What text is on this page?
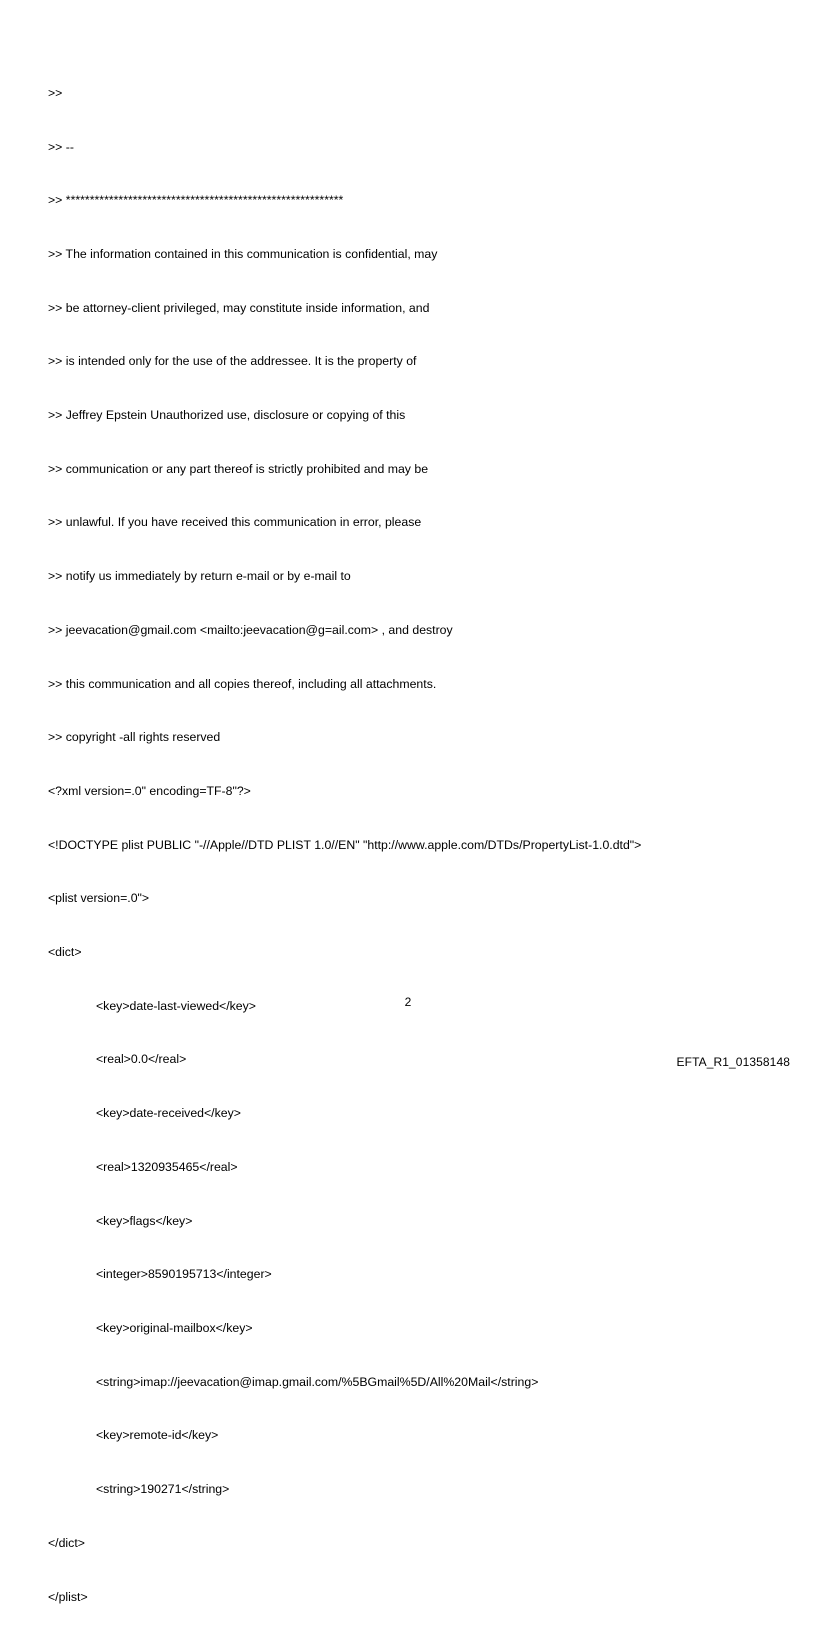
>>

>> --

>> **********************************************************

>> The information contained in this communication is confidential, may

>> be attorney-client privileged, may constitute inside information, and

>> is intended only for the use of the addressee. It is the property of

>> Jeffrey Epstein Unauthorized use, disclosure or copying of this

>> communication or any part thereof is strictly prohibited and may be

>> unlawful. If you have received this communication in error, please

>> notify us immediately by return e-mail or by e-mail to

>> jeevacation@gmail.com <mailto:jeevacation@g=ail.com> , and destroy

>> this communication and all copies thereof, including all attachments.

>> copyright -all rights reserved

<?xml version=.0" encoding=TF-8"?>

<!DOCTYPE plist PUBLIC "-//Apple//DTD PLIST 1.0//EN" "http://www.apple.com/DTDs/PropertyList-1.0.dtd">

<plist version=.0">

<dict>

<key>date-last-viewed</key>

<real>0.0</real>

<key>date-received</key>

<real>1320935465</real>

<key>flags</key>

<integer>8590195713</integer>

<key>original-mailbox</key>

<string>imap://jeevacation@imap.gmail.com/%5BGmail%5D/All%20Mail</string>

<key>remote-id</key>

<string>190271</string>

</dict>

</plist>

2
EFTA_R1_01358148
